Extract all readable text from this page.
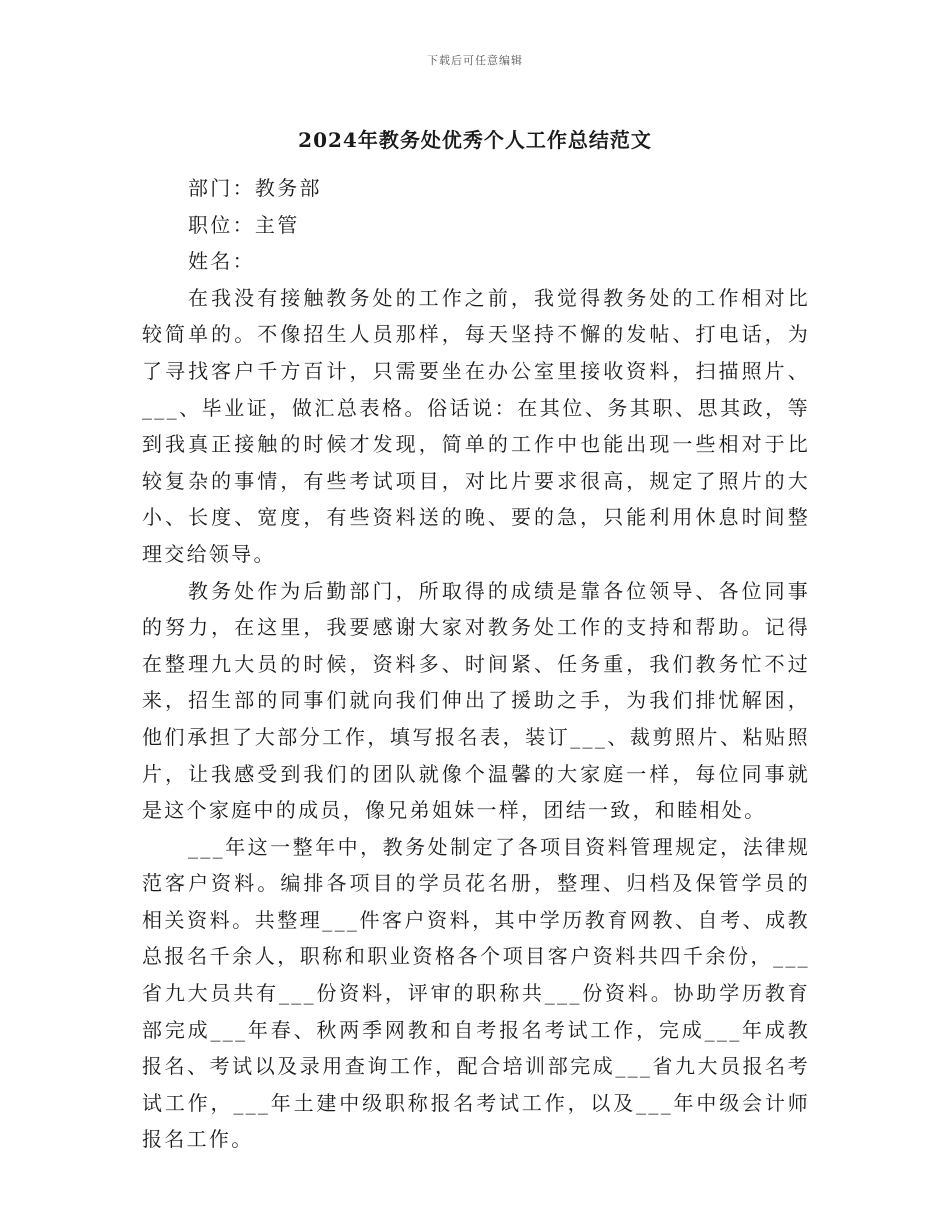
下载后可任意编辑
2024年教务处优秀个人工作总结范文

部门：教务部

职位：主管

姓名：

在我没有接触教务处的工作之前，我觉得教务处的工作相对比较简单的。不像招生人员那样，每天坚持不懈的发帖、打电话，为了寻找客户千方百计，只需要坐在办公室里接收资料，扫描照片、___、毕业证，做汇总表格。俗话说：在其位、务其职、思其政，等到我真正接触的时候才发现，简单的工作中也能出现一些相对于比较复杂的事情，有些考试项目，对比片要求很高，规定了照片的大小、长度、宽度，有些资料送的晚、要的急，只能利用休息时间整理交给领导。

教务处作为后勤部门，所取得的成绩是靠各位领导、各位同事的努力，在这里，我要感谢大家对教务处工作的支持和帮助。记得在整理九大员的时候，资料多、时间紧、任务重，我们教务忙不过来，招生部的同事们就向我们伸出了援助之手，为我们排忧解困，他们承担了大部分工作，填写报名表，装订___、裁剪照片、粘贴照片，让我感受到我们的团队就像个温馨的大家庭一样，每位同事就是这个家庭中的成员，像兄弟姐妹一样，团结一致，和睦相处。

___年这一整年中，教务处制定了各项目资料管理规定，法律规范客户资料。编排各项目的学员花名册，整理、归档及保管学员的相关资料。共整理___件客户资料，其中学历教育网教、自考、成教总报名千余人，职称和职业资格各个项目客户资料共四千余份，___省九大员共有___份资料，评审的职称共___份资料。协助学历教育部完成___年春、秋两季网教和自考报名考试工作，完成___年成教报名、考试以及录用查询工作，配合培训部完成___省九大员报名考试工作，___年土建中级职称报名考试工作，以及___年中级会计师报名工作。
